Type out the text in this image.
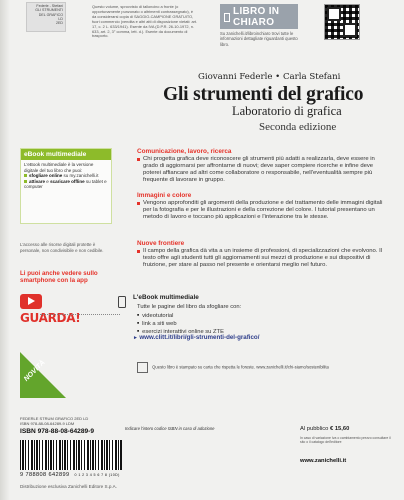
Federle - Stefani
GLI STRUMENTI
DEL GRAFICO
LD
2ED
Questo volume, sprovvisto di talloncino a fronte (o opportunamente punzonato o altrimenti contrassegnato), è da considerarsi copia di SAGGIO-CAMPIONE GRATUITO, fuori commercio (vendita e altri atti di disposizione vietati: art. 17, c. 2 L. 633/1941). Esente da IVA (D.P.R. 26-10-1972, n. 633, art. 2, 3° comma, lett. d.). Esente da documento di trasporto.
LIBRO IN CHIARO
Su zanichelli.it/libroinchiaro trovi tutte le informazioni dettagliate riguardanti questo libro.
Giovanni Federle • Carla Stefani
Gli strumenti del grafico
Laboratorio di grafica
Seconda edizione
eBook multimediale
L'eBook multimediale è la versione digitale del tuo libro che puoi:
sfogliare online su my.zanichelli.it
attivare e scaricare offline su tablet e computer
L'accesso alle risorse digitali protette è personale, non condivisibile e non cedibile.
Li puoi anche vedere sullo smartphone con la app
GUARDA!
NOVITÀ
Comunicazione, lavoro, ricerca
Chi progetta grafica deve riconoscere gli strumenti più adatti a realizzarla, deve essere in grado di aggiornarsi per affrontarne di nuovi; deve saper compiere ricerche e infine deve poterei affiancare ad altri come collaboratore o responsabile, nell'eventualità sempre più frequente di lavorare in gruppo.
Immagini e colore
Vengono approfonditi gli argomenti della produzione e del trattamento delle immagini digitali per la fotografia e per le illustrazioni e della correzione del colore. I tutorial presentano un metodo di lavoro e toccano più applicazioni e l'interazione tra le stesse.
Nuove frontiere
Il campo della grafica dà vita a un insieme di professioni, di specializzazioni che evolvono. Il testo offre agli studenti tutti gli aggiornamenti sui mezzi di produzione e sui dispositivi di fruizione, per stare al passo nel presente e orientarsi meglio nel futuro.
L'eBook multimediale
Tutte le pagine del libro da sfogliare con:
■ videotutorial
■ link a siti web
■ esercizi interattivi online su ZTE
► www.clitt.it/libri/gli-strumenti-del-grafico/
Questo libro è stampato su carta che rispetta le foreste. www.zanichelli.it/chi-siamo/sostenibilita
FEDERLE STRUM GRAFICO 2ED LD
ISBN 978-88-08-64289-9 LDM
ISBN 978-88-08-64289-9	Indicare l'intero codice ISBN in caso di adozione
9 788808 642899 0 1 2 3 4 5 6 7 8 (10D)
Distribuzione esclusiva Zanichelli Editore S.p.A.
Al pubblico € 15,60
In caso di variazione Iva o cambiamento prezzo consultare il sito o il catalogo dell'editore
www.zanichelli.it
